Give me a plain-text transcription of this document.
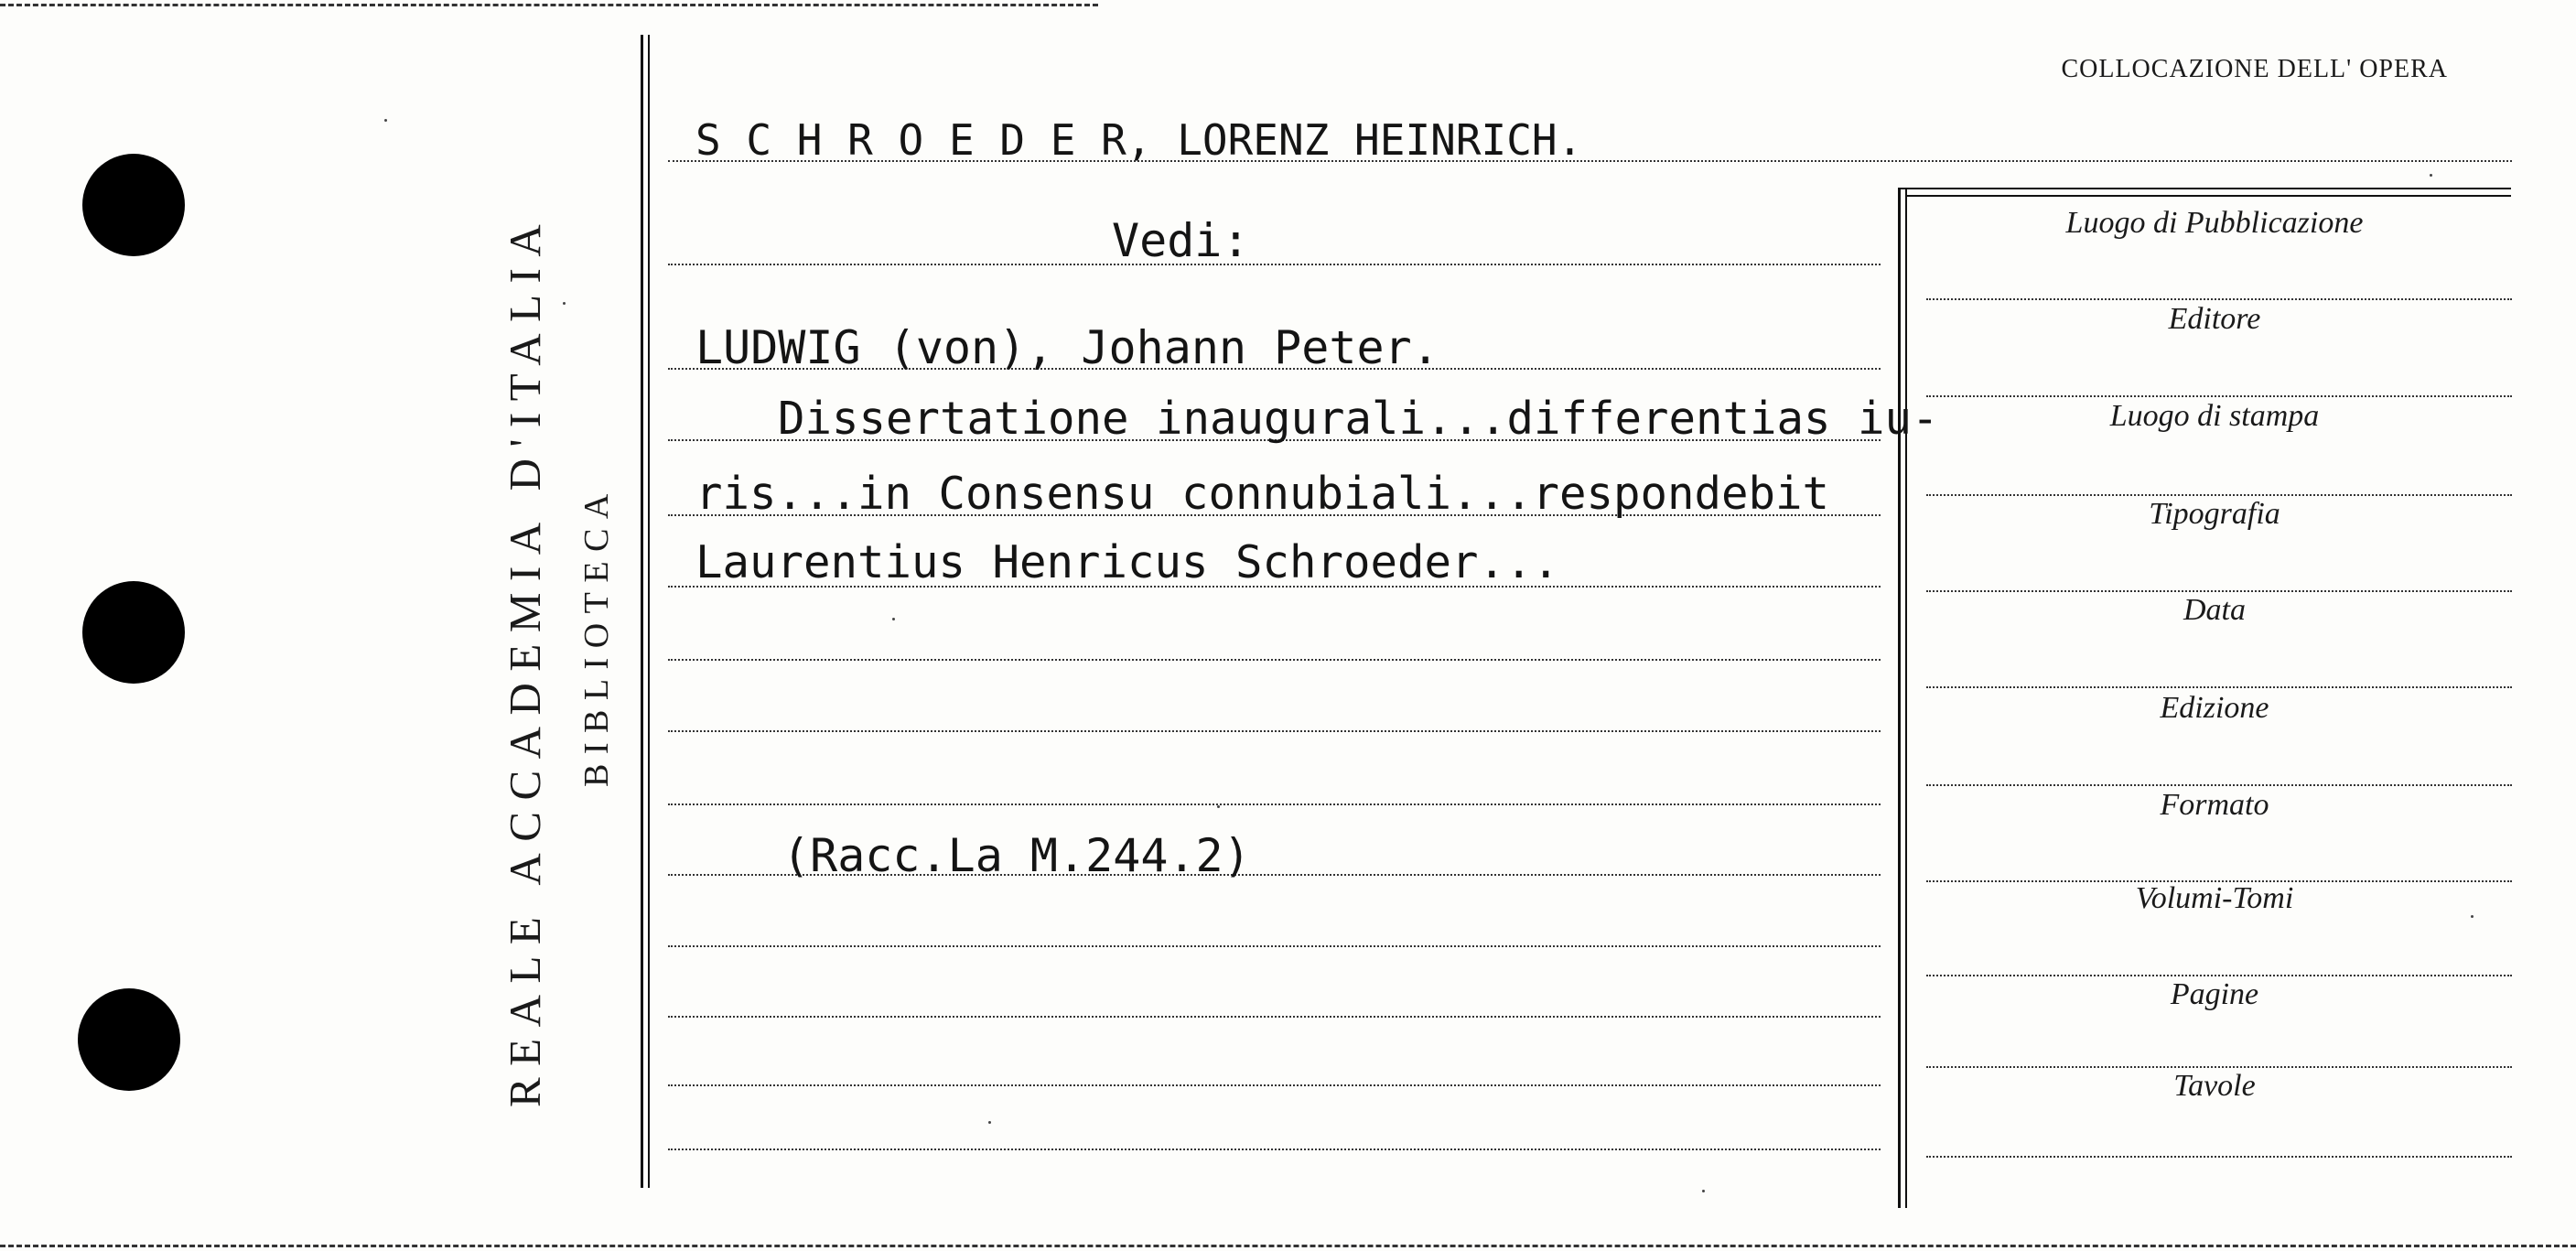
REALE ACCADEMIA D'ITALIA BIBLIOTECA
COLLOCAZIONE DELL' OPERA
S C H R O E D E R, LORENZ HEINRICH.
Vedi:
LUDWIG (von), Johann Peter.
Dissertatione inaugurali...differentias iu-
ris...in Consensu connubiali...respondebit
Laurentius Henricus Schroeder...
(Racc.La M.244.2)
Luogo di Pubblicazione
Editore
Luogo di stampa
Tipografia
Data
Edizione
Formato
Volumi-Tomi
Pagine
Tavole
